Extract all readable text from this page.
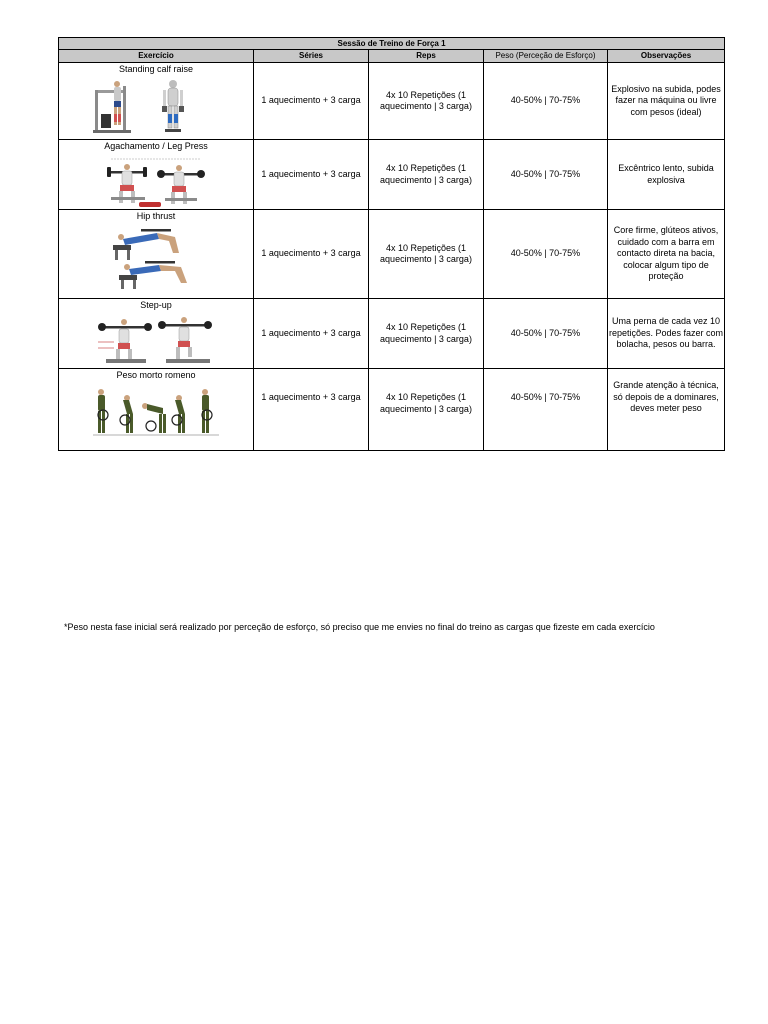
Sessão de Treino de Força 1				
Exercício	Séries	Reps	Peso (Perceção de Esforço)	Observações

Standing calf raise	1 aquecimento + 3 carga	4x 10 Repetições (1 aquecimento | 3 carga)	40-50% | 70-75%	Explosivo na subida, podes fazer na máquina ou livre com pesos (ideal)

Agachamento / Leg Press	1 aquecimento + 3 carga	4x 10 Repetições (1 aquecimento | 3 carga)	40-50% | 70-75%	Excêntrico lento, subida explosiva

Hip thrust	1 aquecimento + 3 carga	4x 10 Repetições (1 aquecimento | 3 carga)	40-50% | 70-75%	Core firme, glúteos ativos, cuidado com a barra em contacto direta na bacia, colocar algum tipo de proteção

Step-up	1 aquecimento + 3 carga	4x 10 Repetições (1 aquecimento | 3 carga)	40-50% | 70-75%	Uma perna de cada vez 10 repetições. Podes fazer com bolacha, pesos ou barra.

Peso morto romeno	1 aquecimento + 3 carga	4x 10 Repetições (1 aquecimento | 3 carga)	40-50% | 70-75%	Grande atenção à técnica, só depois de a dominares, deves meter peso
*Peso nesta fase inicial será realizado por perceção de esforço, só preciso que me envies no final do treino as cargas que fizeste em cada exercício
